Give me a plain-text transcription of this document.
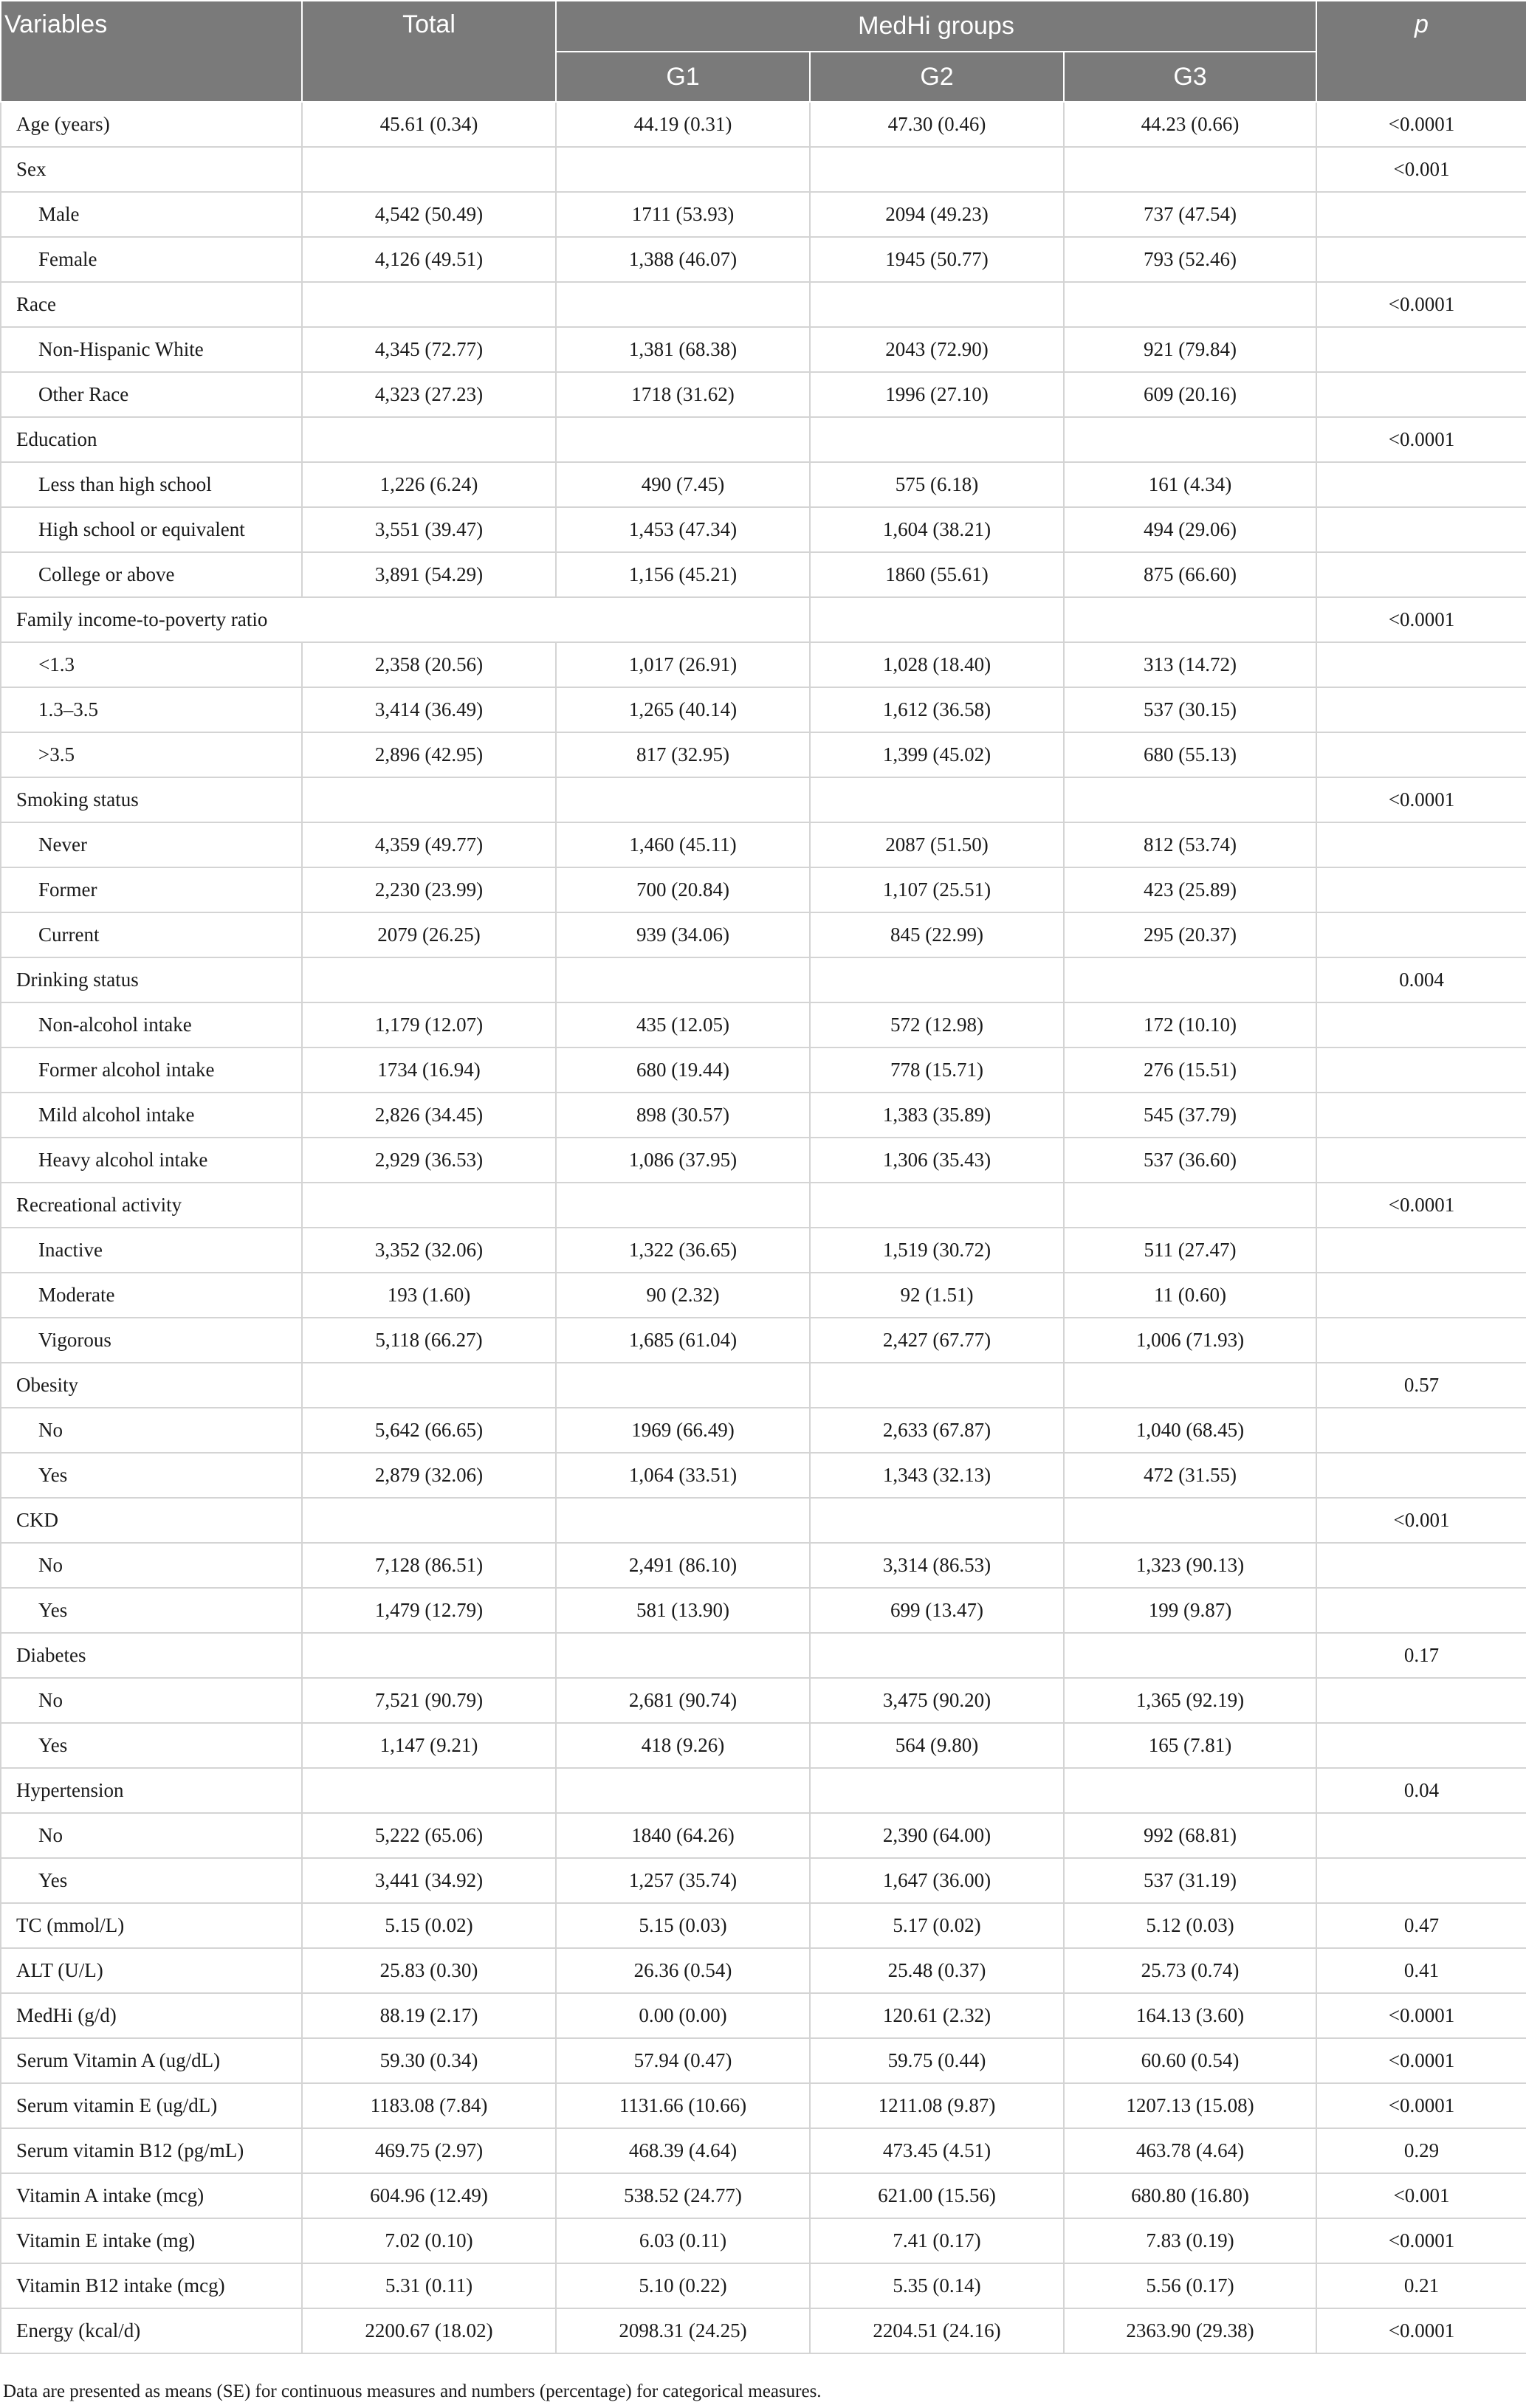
Variables	Total	MedHi groups			p
		G1	G2	G3	
Age (years)	45.61 (0.34)	44.19 (0.31)	47.30 (0.46)	44.23 (0.66)	<0.0001
Sex					<0.001
Male	4,542 (50.49)	1711 (53.93)	2094 (49.23)	737 (47.54)	
Female	4,126 (49.51)	1,388 (46.07)	1945 (50.77)	793 (52.46)	
Race					<0.0001
Non-Hispanic White	4,345 (72.77)	1,381 (68.38)	2043 (72.90)	921 (79.84)	
Other Race	4,323 (27.23)	1718 (31.62)	1996 (27.10)	609 (20.16)	
Education					<0.0001
Less than high school	1,226 (6.24)	490 (7.45)	575 (6.18)	161 (4.34)	
High school or equivalent	3,551 (39.47)	1,453 (47.34)	1,604 (38.21)	494 (29.06)	
College or above	3,891 (54.29)	1,156 (45.21)	1860 (55.61)	875 (66.60)	
Family income-to-poverty ratio					<0.0001
<1.3	2,358 (20.56)	1,017 (26.91)	1,028 (18.40)	313 (14.72)	
1.3–3.5	3,414 (36.49)	1,265 (40.14)	1,612 (36.58)	537 (30.15)	
>3.5	2,896 (42.95)	817 (32.95)	1,399 (45.02)	680 (55.13)	
Smoking status					<0.0001
Never	4,359 (49.77)	1,460 (45.11)	2087 (51.50)	812 (53.74)	
Former	2,230 (23.99)	700 (20.84)	1,107 (25.51)	423 (25.89)	
Current	2079 (26.25)	939 (34.06)	845 (22.99)	295 (20.37)	
Drinking status					0.004
Non-alcohol intake	1,179 (12.07)	435 (12.05)	572 (12.98)	172 (10.10)	
Former alcohol intake	1734 (16.94)	680 (19.44)	778 (15.71)	276 (15.51)	
Mild alcohol intake	2,826 (34.45)	898 (30.57)	1,383 (35.89)	545 (37.79)	
Heavy alcohol intake	2,929 (36.53)	1,086 (37.95)	1,306 (35.43)	537 (36.60)	
Recreational activity					<0.0001
Inactive	3,352 (32.06)	1,322 (36.65)	1,519 (30.72)	511 (27.47)	
Moderate	193 (1.60)	90 (2.32)	92 (1.51)	11 (0.60)	
Vigorous	5,118 (66.27)	1,685 (61.04)	2,427 (67.77)	1,006 (71.93)	
Obesity					0.57
No	5,642 (66.65)	1969 (66.49)	2,633 (67.87)	1,040 (68.45)	
Yes	2,879 (32.06)	1,064 (33.51)	1,343 (32.13)	472 (31.55)	
CKD					<0.001
No	7,128 (86.51)	2,491 (86.10)	3,314 (86.53)	1,323 (90.13)	
Yes	1,479 (12.79)	581 (13.90)	699 (13.47)	199 (9.87)	
Diabetes					0.17
No	7,521 (90.79)	2,681 (90.74)	3,475 (90.20)	1,365 (92.19)	
Yes	1,147 (9.21)	418 (9.26)	564 (9.80)	165 (7.81)	
Hypertension					0.04
No	5,222 (65.06)	1840 (64.26)	2,390 (64.00)	992 (68.81)	
Yes	3,441 (34.92)	1,257 (35.74)	1,647 (36.00)	537 (31.19)	
TC (mmol/L)	5.15 (0.02)	5.15 (0.03)	5.17 (0.02)	5.12 (0.03)	0.47
ALT (U/L)	25.83 (0.30)	26.36 (0.54)	25.48 (0.37)	25.73 (0.74)	0.41
MedHi (g/d)	88.19 (2.17)	0.00 (0.00)	120.61 (2.32)	164.13 (3.60)	<0.0001
Serum Vitamin A (ug/dL)	59.30 (0.34)	57.94 (0.47)	59.75 (0.44)	60.60 (0.54)	<0.0001
Serum vitamin E (ug/dL)	1183.08 (7.84)	1131.66 (10.66)	1211.08 (9.87)	1207.13 (15.08)	<0.0001
Serum vitamin B12 (pg/mL)	469.75 (2.97)	468.39 (4.64)	473.45 (4.51)	463.78 (4.64)	0.29
Vitamin A intake (mcg)	604.96 (12.49)	538.52 (24.77)	621.00 (15.56)	680.80 (16.80)	<0.001
Vitamin E intake (mg)	7.02 (0.10)	6.03 (0.11)	7.41 (0.17)	7.83 (0.19)	<0.0001
Vitamin B12 intake (mcg)	5.31 (0.11)	5.10 (0.22)	5.35 (0.14)	5.56 (0.17)	0.21
Energy (kcal/d)	2200.67 (18.02)	2098.31 (24.25)	2204.51 (24.16)	2363.90 (29.38)	<0.0001
Data are presented as means (SE) for continuous measures and numbers (percentage) for categorical measures.
